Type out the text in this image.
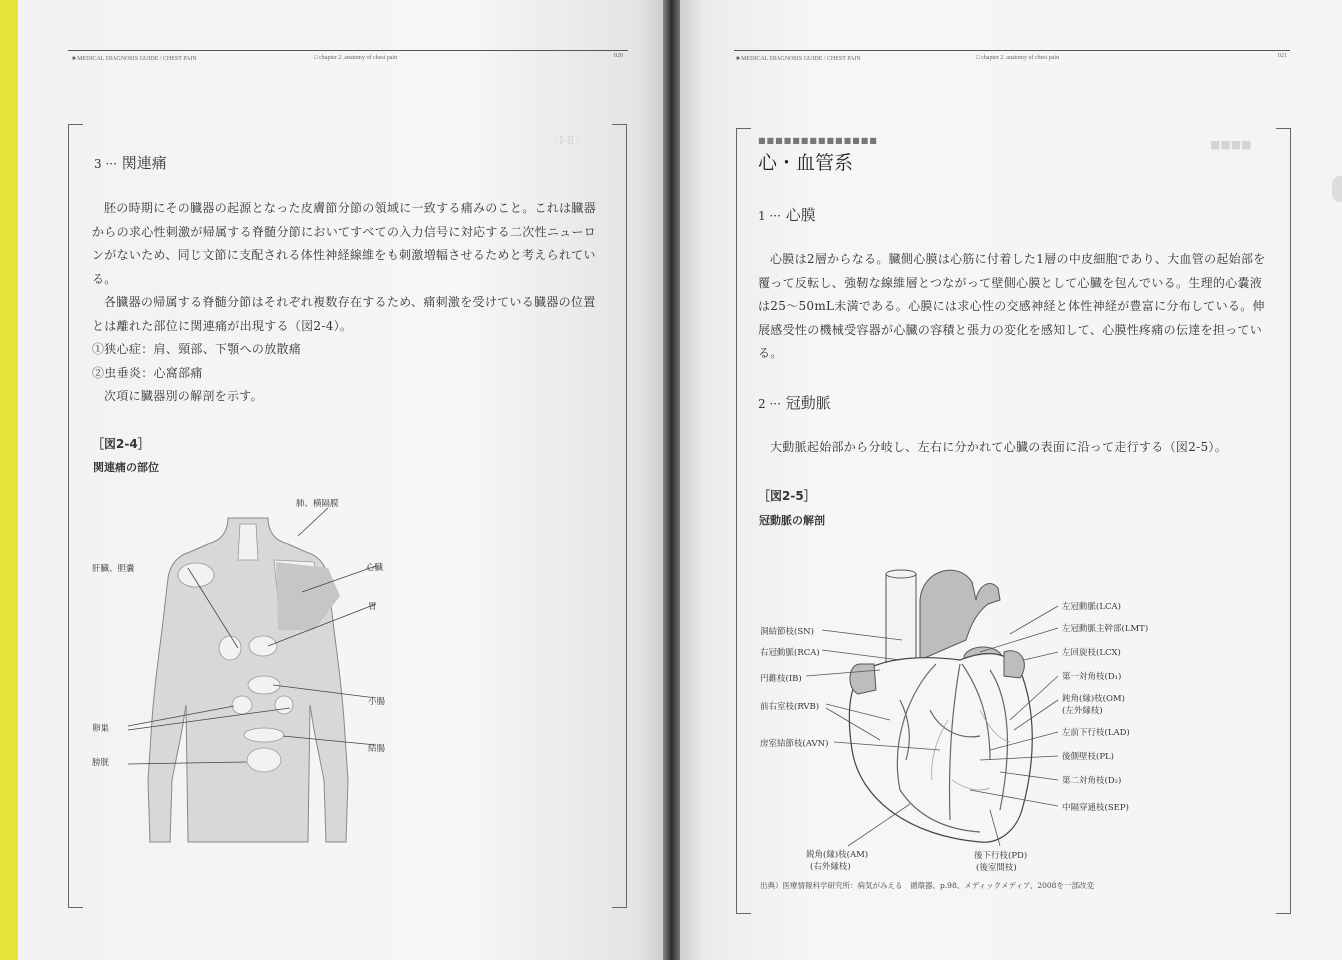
■ MEDICAL DIAGNOSIS GUIDE / CHEST PAIN	□ chapter 2. anatomy of chest pain	020
［Ⅰ-Ⅱ］
3 ··· 関連痛

胚の時期にその臓器の起源となった皮膚節分節の領域に一致する痛みのこと。これは臓器からの求心性刺激が帰属する脊髄分節においてすべての入力信号に対応する二次性ニューロンがないため、同じ文節に支配される体性神経線維をも刺激増幅させるためと考えられている。

各臓器の帰属する脊髄分節はそれぞれ複数存在するため、痛刺激を受けている臓器の位置とは離れた部位に関連痛が出現する（図2-4）。

①狭心症：肩、頸部、下顎への放散痛

②虫垂炎：心窩部痛

次項に臓器別の解剖を示す。

［図2-4］
関連痛の部位
肺、横隔膜
心臓
肝臓、胆嚢
胃
小腸
卵巣
結腸
膀胱
■ MEDICAL DIAGNOSIS GUIDE / CHEST PAIN	□ chapter 2. anatomy of chest pain	021
■■■■
■■■■■■■■■■■■■■
心・血管系
1 ··· 心膜

心膜は2層からなる。臓側心膜は心筋に付着した1層の中皮細胞であり、大血管の起始部を覆って反転し、強靭な線維層とつながって壁側心膜として心臓を包んでいる。生理的心嚢液は25～50mL未満である。心膜には求心性の交感神経と体性神経が豊富に分布している。伸展感受性の機械受容器が心臓の容積と張力の変化を感知して、心膜性疼痛の伝達を担っている。

2 ··· 冠動脈

大動脈起始部から分岐し、左右に分かれて心臓の表面に沿って走行する（図2-5）。

［図2-5］
冠動脈の解剖
洞結節枝(SN)
右冠動脈(RCA)
円錐枝(IB)
前右室枝(RVB)
房室結節枝(AVN)
左冠動脈(LCA)
左冠動脈主幹部(LMT)
左回旋枝(LCX)
第一対角枝(D₁)
鈍角(縁)枝(OM)
(左外縁枝)
左前下行枝(LAD)
後側壁枝(PL)
第二対角枝(D₂)
中隔穿通枝(SEP)
鋭角(縁)枝(AM)
(右外縁枝)
後下行枝(PD)
(後室間枝)
出典）医療情報科学研究所：病気がみえる　循環器、p.98、メディックメディア、2008を一部改変
